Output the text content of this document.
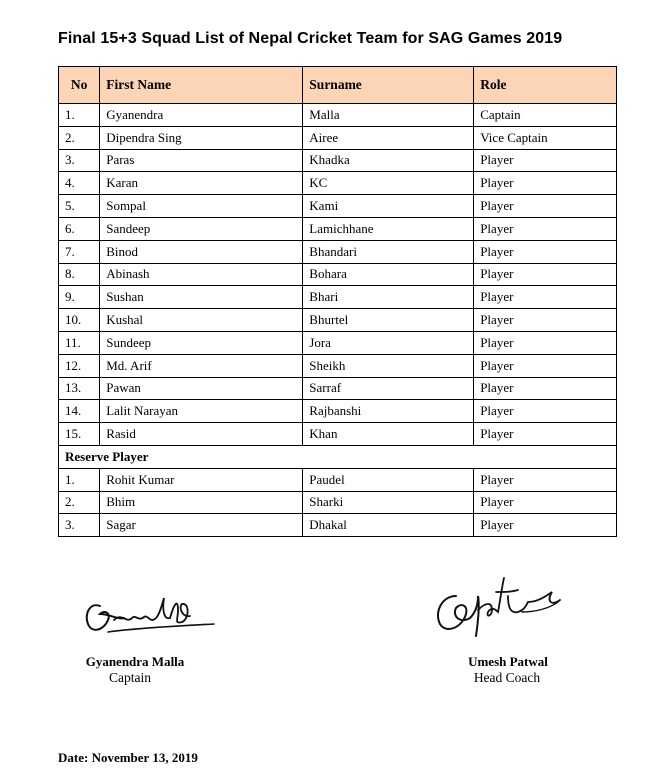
Final 15+3 Squad List of Nepal Cricket Team for SAG Games 2019
No	First Name	Surname	Role
1.	Gyanendra	Malla	Captain
2.	Dipendra Sing	Airee	Vice Captain
3.	Paras	Khadka	Player
4.	Karan	KC	Player
5.	Sompal	Kami	Player
6.	Sandeep	Lamichhane	Player
7.	Binod	Bhandari	Player
8.	Abinash	Bohara	Player
9.	Sushan	Bhari	Player
10.	Kushal	Bhurtel	Player
11.	Sundeep	Jora	Player
12.	Md. Arif	Sheikh	Player
13.	Pawan	Sarraf	Player
14.	Lalit Narayan	Rajbanshi	Player
15.	Rasid	Khan	Player
Reserve Player			
1.	Rohit Kumar	Paudel	Player
2.	Bhim	Sharki	Player
3.	Sagar	Dhakal	Player
Gyanendra Malla
Captain
Umesh Patwal
Head Coach
Date: November 13, 2019
